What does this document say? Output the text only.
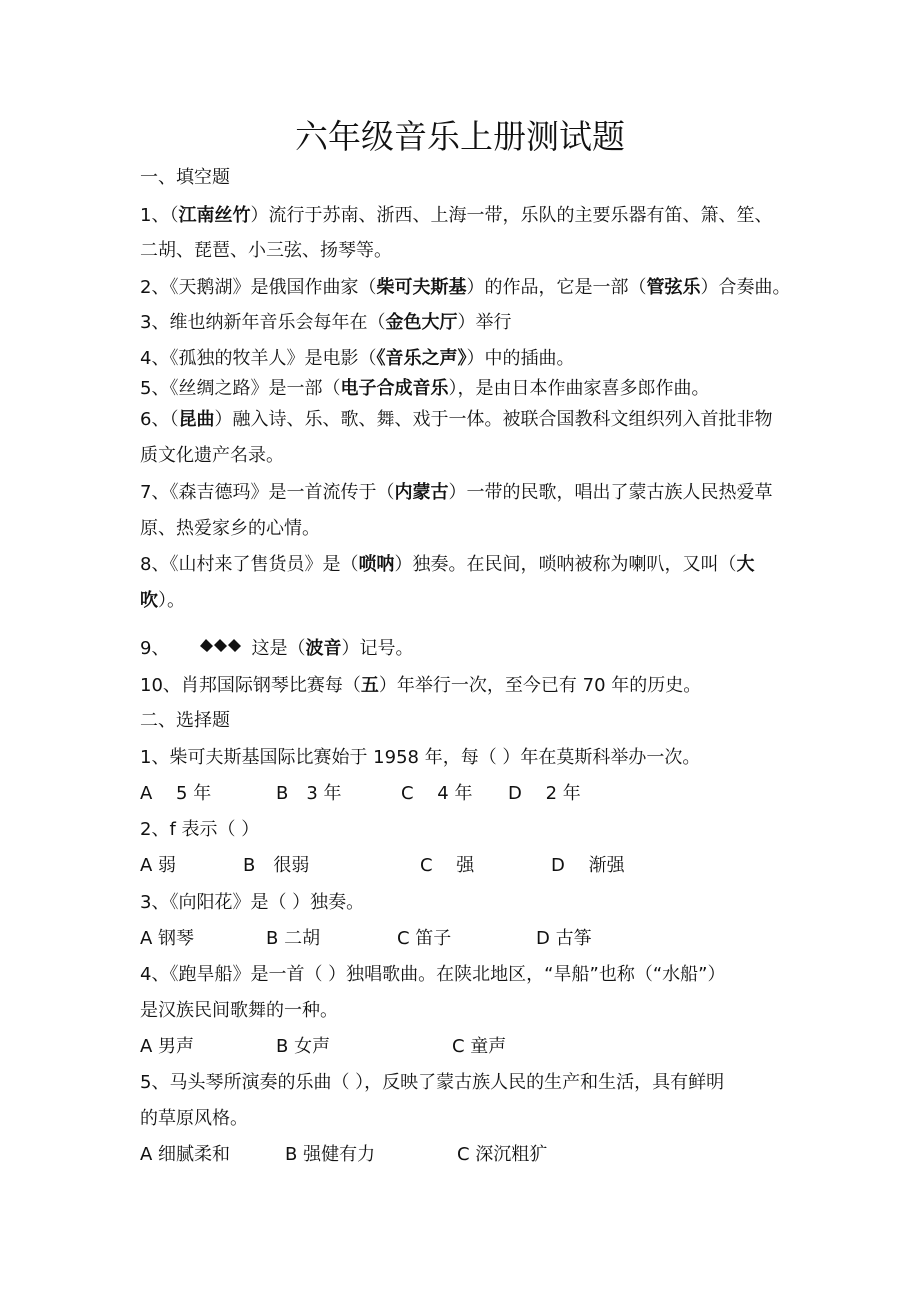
六年级音乐上册测试题
一、填空题
1、（江南丝竹）流行于苏南、浙西、上海一带，乐队的主要乐器有笛、箫、笙、
二胡、琵琶、小三弦、扬琴等。
2、《天鹅湖》是俄国作曲家（柴可夫斯基）的作品，它是一部（管弦乐）合奏曲。
3、维也纳新年音乐会每年在（金色大厅）举行
4、《孤独的牧羊人》是电影（《音乐之声》）中的插曲。
5、《丝绸之路》是一部（电子合成音乐），是由日本作曲家喜多郎作曲。
6、（昆曲）融入诗、乐、歌、舞、戏于一体。被联合国教科文组织列入首批非物
质文化遗产名录。
7、《森吉德玛》是一首流传于（内蒙古）一带的民歌，唱出了蒙古族人民热爱草
原、热爱家乡的心情。
8、《山村来了售货员》是（唢呐）独奏。在民间，唢呐被称为喇叭，又叫（大
吹）。
9、	这是（波音）记号。
10、肖邦国际钢琴比赛每（五）年举行一次，至今已有 70 年的历史。
二、选择题
1、柴可夫斯基国际比赛始于 1958 年，每（ ）年在莫斯科举办一次。
A　 5 年	B　3 年	C　 4 年 D　 2 年
2、f 表示（ ）
A 弱	B　很弱	C　 强	D　 渐强
3、《向阳花》是（ ）独奏。
A 钢琴	B 二胡	C 笛子	D 古筝
4、《跑旱船》是一首（ ）独唱歌曲。在陕北地区，“旱船”也称（“水船”）
是汉族民间歌舞的一种。
A 男声	B 女声	C 童声
5、马头琴所演奏的乐曲（ ），反映了蒙古族人民的生产和生活，具有鲜明
的草原风格。
A 细腻柔和	B 强健有力	C 深沉粗犷
